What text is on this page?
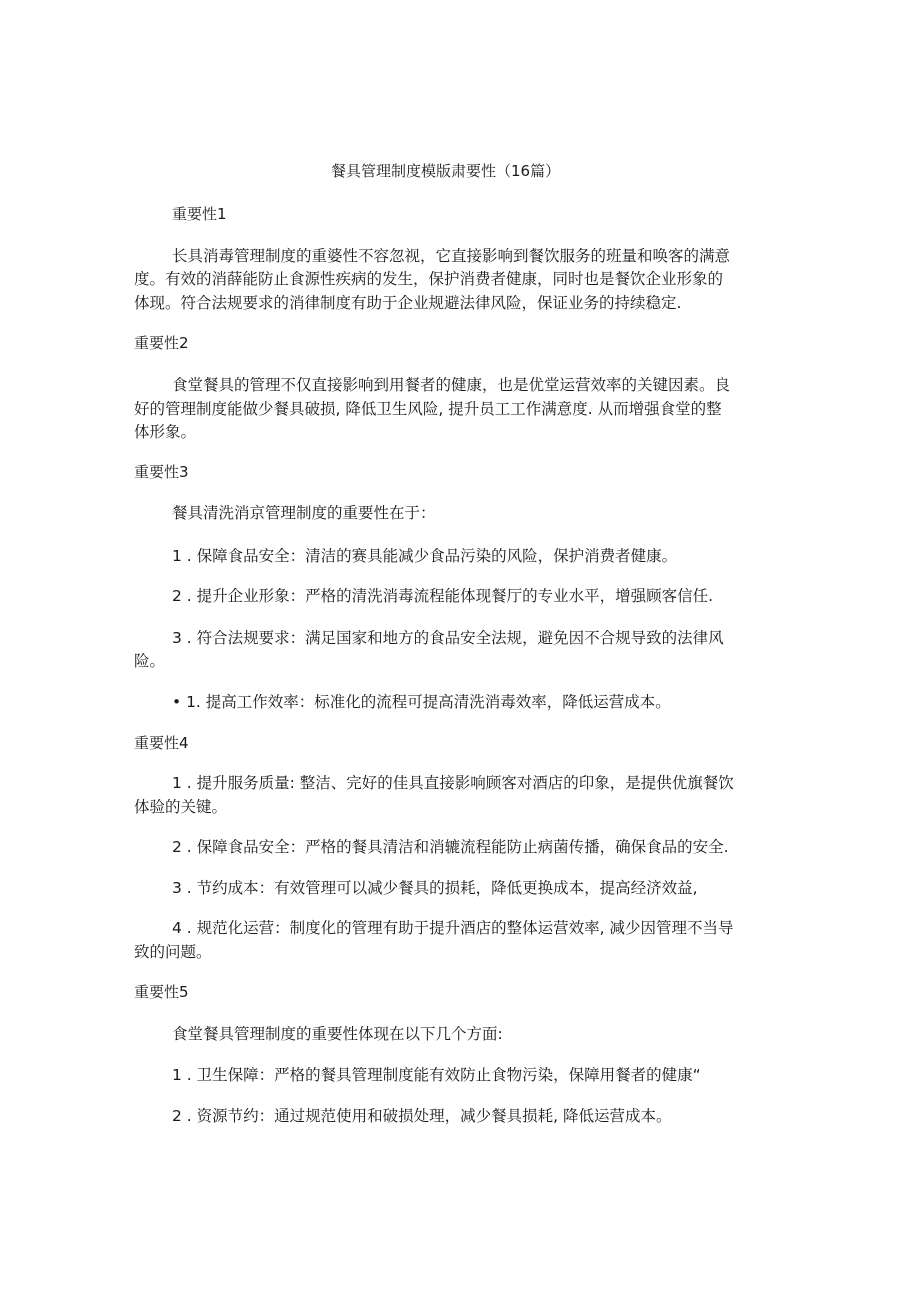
餐具管理制度模版肃要性（16篇）
重要性1
长具消毒管理制度的重婆性不容忽视，它直接影响到餐饮服务的班量和唤客的满意
度。有效的消薛能防止食源性疾病的发生，保护消费者健康，同时也是餐饮企业形象的
体现。符合法规要求的消律制度有助于企业规避法律风险，保证业务的持续稳定.
重要性2
食堂餐具的管理不仅直接影响到用餐者的健康，也是优堂运营效率的关键因素。良
好的管理制度能做少餐具破损, 降低卫生风险, 提升员工工作满意度. 从而增强食堂的整
体形象。
重要性3
餐具清洗消京管理制度的重要性在于：
1 . 保障食品安全：清洁的赛具能减少食品污染的风险，保护消费者健康。
2 . 提升企业形象：严格的清洗消毒流程能体现餐厅的专业水平，增强顾客信任.
3 . 符合法规要求：满足国家和地方的食品安全法规，避免因不合规导致的法律风
险。
• 1. 提高工作效率：标准化的流程可提高清洗消毒效率，降低运营成本。
重要性4
1 . 提升服务质量: 整洁、完好的佳具直接影响顾客对酒店的印象，是提供优旗餐饮
体验的关键。
2 . 保障食品安全：严格的餐具清洁和消辘流程能防止病菌传播，确保食品的安全.
3 . 节约成本：有效管理可以减少餐具的损耗，降低更换成本，提高经济效益,
4 . 规范化运营：制度化的管理有助于提升酒店的整体运营效率, 减少因管理不当导
致的问题。
重要性5
食堂餐具管理制度的重要性体现在以下几个方面:
1 . 卫生保障：严格的餐具管理制度能有效防止食物污染，保障用餐者的健康“
2 . 资源节约：通过规范使用和破损处理，减少餐具损耗, 降低运营成本。
